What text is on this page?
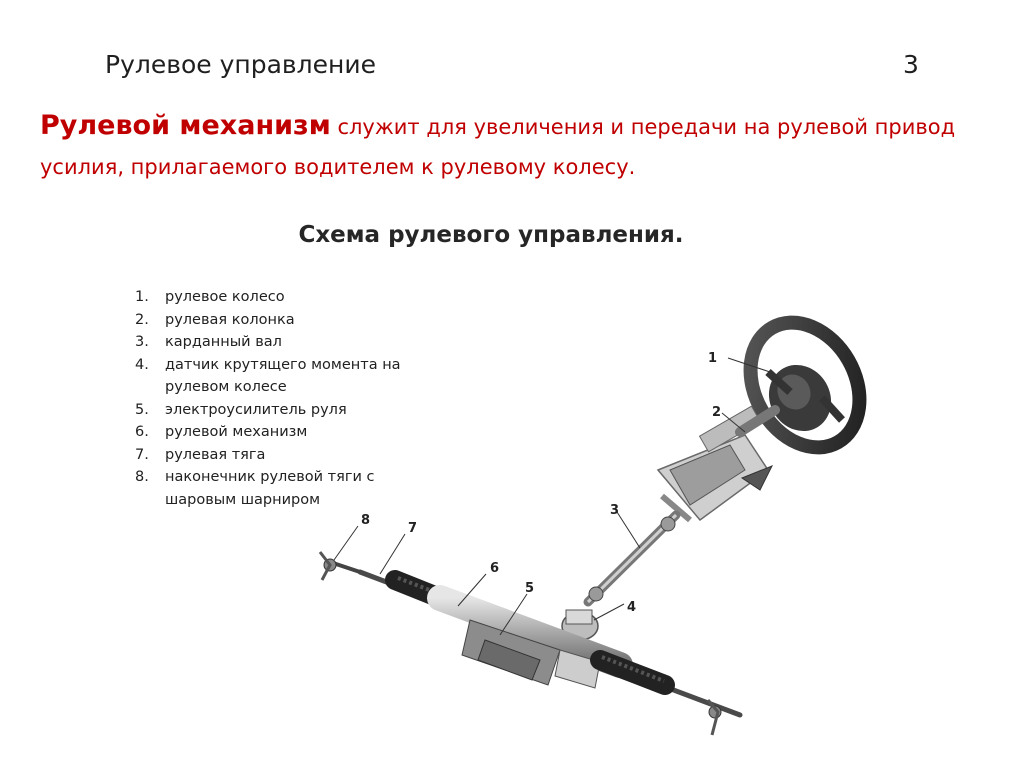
Рулевое управление	3
Рулевой механизм служит для увеличения и передачи на рулевой привод усилия, прилагаемого водителем к рулевому колесу.
Схема рулевого управления.
1. рулевое колесо
2. рулевая колонка
3. карданный вал
4. датчик крутящего момента на рулевом колесе
5. электроусилитель руля
6. рулевой механизм
7. рулевая тяга
8. наконечник рулевой тяги с шаровым шарниром
1
2
3
4
5
6
7
8
